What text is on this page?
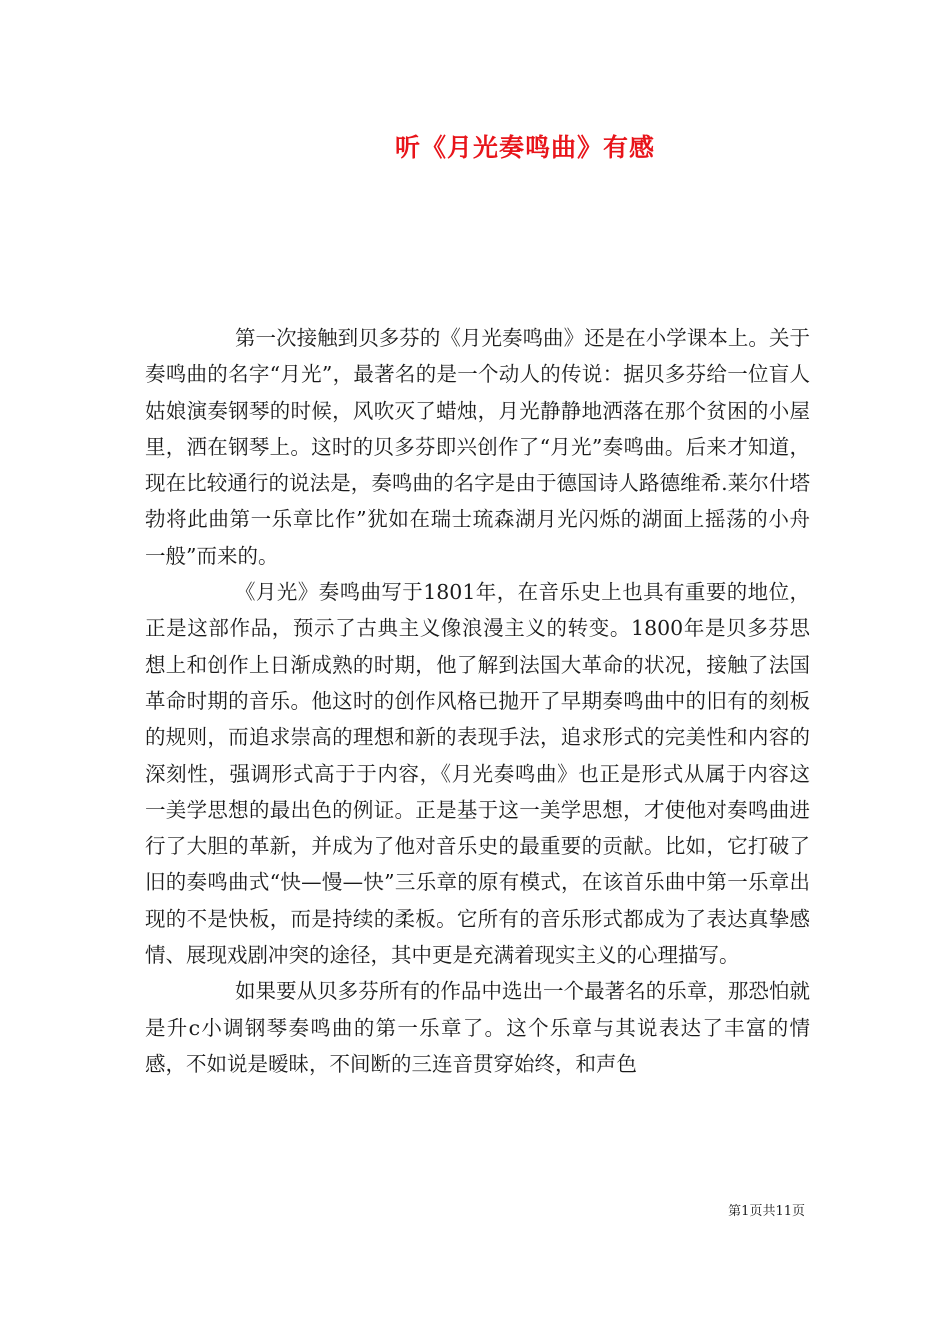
听《月光奏鸣曲》有感

第一次接触到贝多芬的《月光奏鸣曲》还是在小学课本上。关于奏鸣曲的名字“月光”，最著名的是一个动人的传说：据贝多芬给一位盲人姑娘演奏钢琴的时候，风吹灭了蜡烛，月光静静地洒落在那个贫困的小屋里，洒在钢琴上。这时的贝多芬即兴创作了“月光”奏鸣曲。后来才知道，现在比较通行的说法是，奏鸣曲的名字是由于德国诗人路德维希.莱尔什塔勃将此曲第一乐章比作”犹如在瑞士琉森湖月光闪烁的湖面上摇荡的小舟一般”而来的。

《月光》奏鸣曲写于1801年，在音乐史上也具有重要的地位，正是这部作品，预示了古典主义像浪漫主义的转变。1800年是贝多芬思想上和创作上日渐成熟的时期，他了解到法国大革命的状况，接触了法国革命时期的音乐。他这时的创作风格已抛开了早期奏鸣曲中的旧有的刻板的规则，而追求崇高的理想和新的表现手法，追求形式的完美性和内容的深刻性，强调形式高于于内容，《月光奏鸣曲》也正是形式从属于内容这一美学思想的最出色的例证。正是基于这一美学思想，才使他对奏鸣曲进行了大胆的革新，并成为了他对音乐史的最重要的贡献。比如，它打破了旧的奏鸣曲式“快—慢—快”三乐章的原有模式，在该首乐曲中第一乐章出现的不是快板，而是持续的柔板。它所有的音乐形式都成为了表达真挚感情、展现戏剧冲突的途径，其中更是充满着现实主义的心理描写。

如果要从贝多芬所有的作品中选出一个最著名的乐章，那恐怕就是升c小调钢琴奏鸣曲的第一乐章了。这个乐章与其说表达了丰富的情感，不如说是暧昧，不间断的三连音贯穿始终，和声色

第1页共11页
